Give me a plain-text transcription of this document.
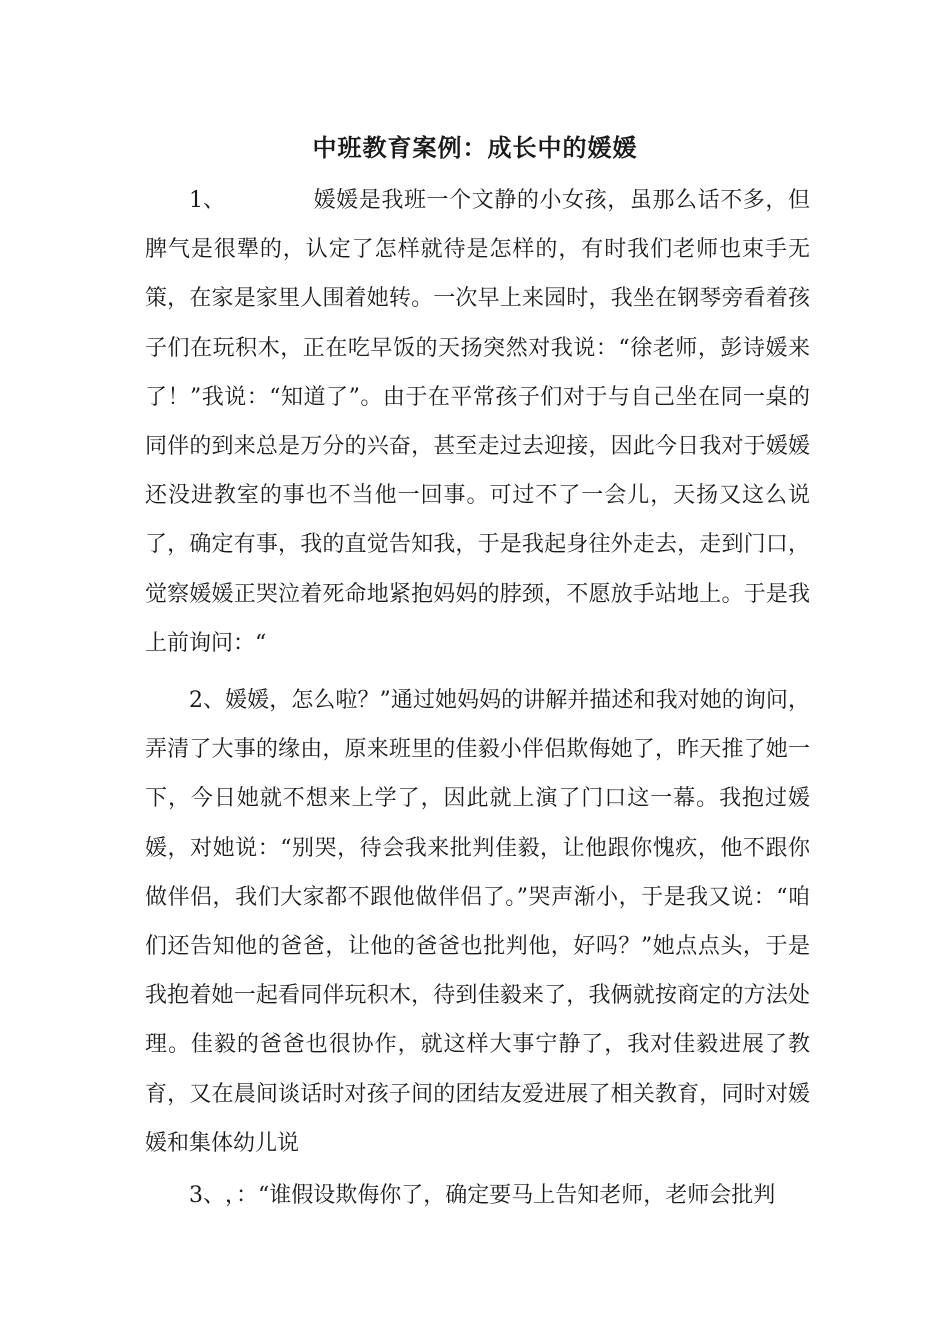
中班教育案例：成长中的媛媛
1、	媛媛是我班一个文静的小女孩，虽那么话不多，但脾气是很犟的，认定了怎样就待是怎样的，有时我们老师也束手无策，在家是家里人围着她转。一次早上来园时，我坐在钢琴旁看着孩子们在玩积木，正在吃早饭的天扬突然对我说：“徐老师，彭诗媛来了！”我说：“知道了”。由于在平常孩子们对于与自己坐在同一桌的同伴的到来总是万分的兴奋，甚至走过去迎接，因此今日我对于媛媛还没进教室的事也不当他一回事。可过不了一会儿，天扬又这么说了，确定有事，我的直觉告知我，于是我起身往外走去，走到门口，觉察媛媛正哭泣着死命地紧抱妈妈的脖颈，不愿放手站地上。于是我上前询问：“
2、媛媛，怎么啦？”通过她妈妈的讲解并描述和我对她的询问，弄清了大事的缘由，原来班里的佳毅小伴侣欺侮她了，昨天推了她一下，今日她就不想来上学了，因此就上演了门口这一幕。我抱过媛媛，对她说：“别哭，待会我来批判佳毅，让他跟你愧疚，他不跟你做伴侣，我们大家都不跟他做伴侣了。”哭声渐小，于是我又说：“咱们还告知他的爸爸，让他的爸爸也批判他，好吗？”她点点头，于是我抱着她一起看同伴玩积木，待到佳毅来了，我俩就按商定的方法处理。佳毅的爸爸也很协作，就这样大事宁静了，我对佳毅进展了教育，又在晨间谈话时对孩子间的团结友爱进展了相关教育，同时对媛媛和集体幼儿说
3、，：“谁假设欺侮你了，确定要马上告知老师，老师会批判
